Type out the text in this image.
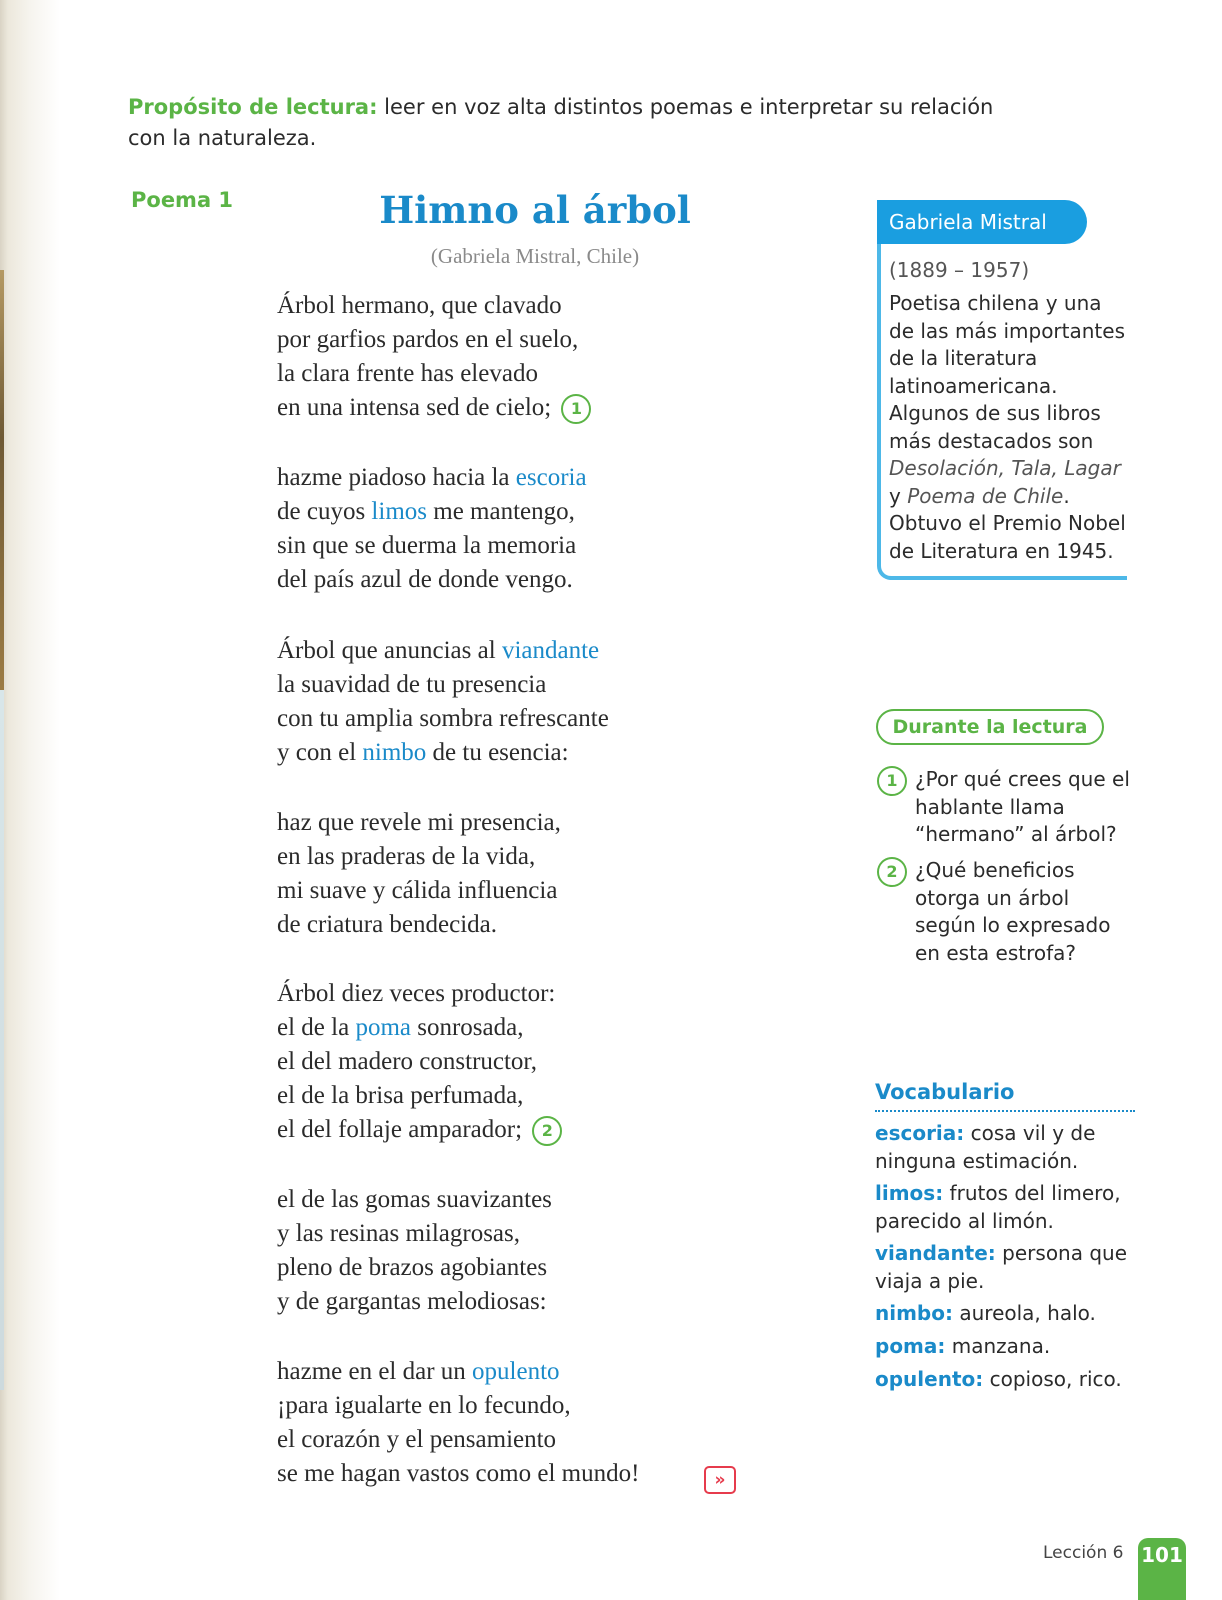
Propósito de lectura: leer en voz alta distintos poemas e interpretar su relación con la naturaleza.
Poema 1	Himno al árbol
(Gabriela Mistral, Chile)
Árbol hermano, que clavado
por garfios pardos en el suelo,
la clara frente has elevado
en una intensa sed de cielo; 1
hazme piadoso hacia la escoria
de cuyos limos me mantengo,
sin que se duerma la memoria
del país azul de donde vengo.
Árbol que anuncias al viandante
la suavidad de tu presencia
con tu amplia sombra refrescante
y con el nimbo de tu esencia:
haz que revele mi presencia,
en las praderas de la vida,
mi suave y cálida influencia
de criatura bendecida.
Árbol diez veces productor:
el de la poma sonrosada,
el del madero constructor,
el de la brisa perfumada,
el del follaje amparador; 2
el de las gomas suavizantes
y las resinas milagrosas,
pleno de brazos agobiantes
y de gargantas melodiosas:
hazme en el dar un opulento
¡para igualarte en lo fecundo,
el corazón y el pensamiento
se me hagan vastos como el mundo!	»
Gabriela Mistral
(1889 – 1957)
Poetisa chilena y una de las más importantes de la literatura latinoamericana. Algunos de sus libros más destacados son Desolación, Tala, Lagar y Poema de Chile. Obtuvo el Premio Nobel de Literatura en 1945.
Durante la lectura
1 ¿Por qué crees que el hablante llama “hermano” al árbol?
2 ¿Qué beneficios otorga un árbol según lo expresado en esta estrofa?
Vocabulario
escoria: cosa vil y de ninguna estimación.
limos: frutos del limero, parecido al limón.
viandante: persona que viaja a pie.
nimbo: aureola, halo.
poma: manzana.
opulento: copioso, rico.
Lección 6 101
